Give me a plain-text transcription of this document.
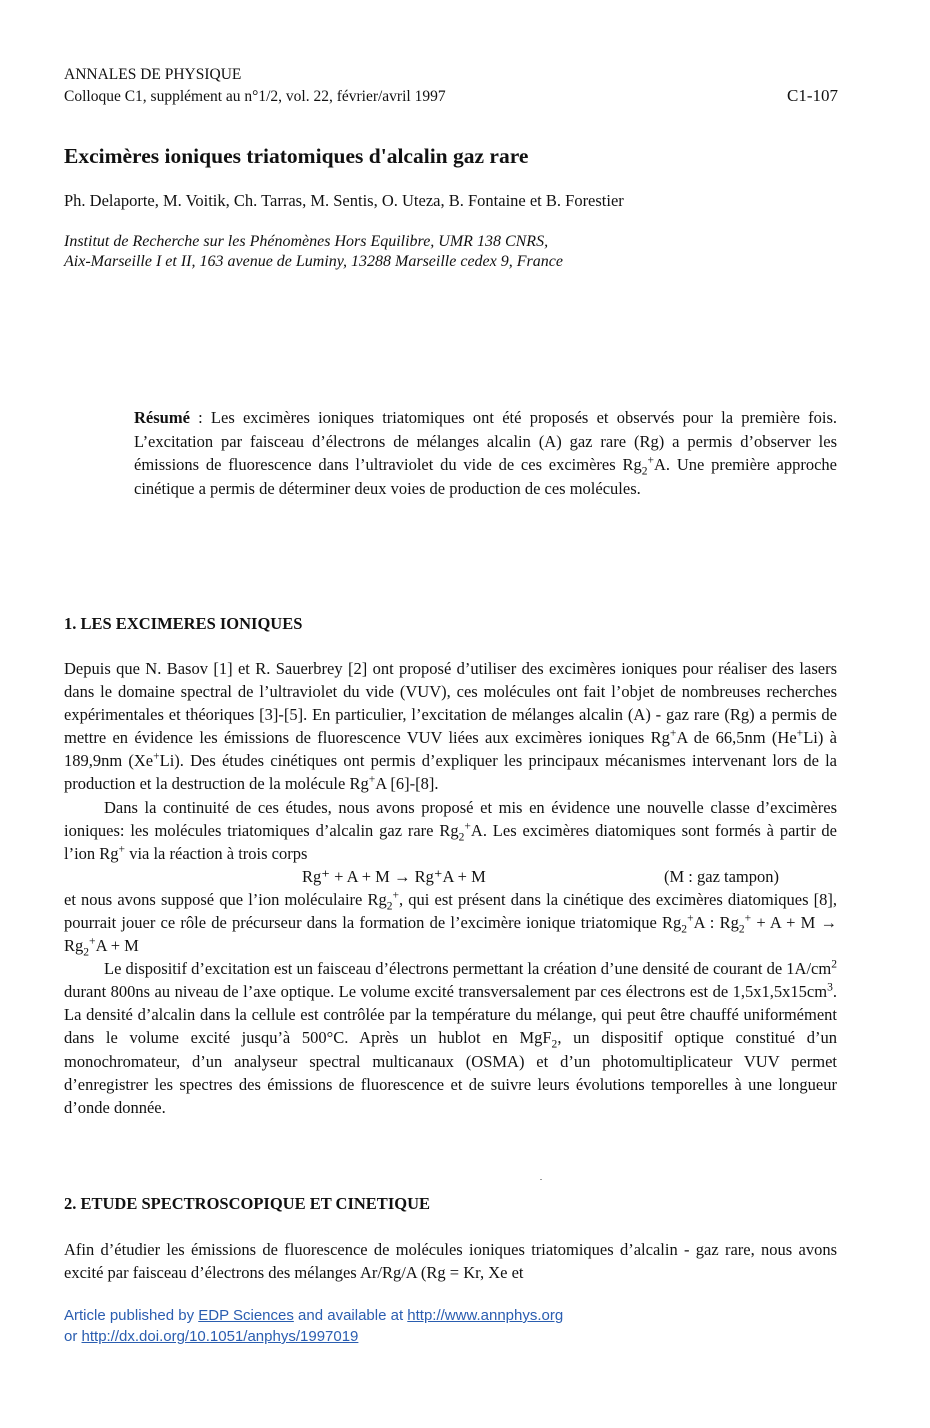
ANNALES DE PHYSIQUE
Colloque C1, supplément au n°1/2, vol. 22, février/avril 1997	C1-107
Excimères ioniques triatomiques d'alcalin gaz rare
Ph. Delaporte, M. Voitik, Ch. Tarras, M. Sentis, O. Uteza, B. Fontaine et B. Forestier
Institut de Recherche sur les Phénomènes Hors Equilibre, UMR 138 CNRS,
Aix-Marseille I et II, 163 avenue de Luminy, 13288 Marseille cedex 9, France
Résumé : Les excimères ioniques triatomiques ont été proposés et observés pour la première fois. L’excitation par faisceau d’électrons de mélanges alcalin (A) gaz rare (Rg) a permis d’observer les émissions de fluorescence dans l’ultraviolet du vide de ces excimères $Rg_2^+A$. Une première approche cinétique a permis de déterminer deux voies de production de ces molécules.
1. LES EXCIMERES IONIQUES

Depuis que N. Basov [1] et R. Sauerbrey [2] ont proposé d’utiliser des excimères ioniques pour réaliser des lasers dans le domaine spectral de l’ultraviolet du vide (VUV), ces molécules ont fait l’objet de nombreuses recherches expérimentales et théoriques [3]-[5]. En particulier, l’excitation de mélanges alcalin (A) - gaz rare (Rg) a permis de mettre en évidence les émissions de fluorescence VUV liées aux excimères ioniques Rg+A de 66,5nm (He+Li) à 189,9nm (Xe+Li). Des études cinétiques ont permis d’expliquer les principaux mécanismes intervenant lors de la production et la destruction de la molécule Rg+A [6]-[8].

Dans la continuité de ces études, nous avons proposé et mis en évidence une nouvelle classe d’excimères ioniques: les molécules triatomiques d’alcalin gaz rare $Rg_2^+A$. Les excimères diatomiques sont formés à partir de l’ion Rg+ via la réaction à trois corps

Rg⁺ + A + M → Rg⁺A + M	(M : gaz tampon)

et nous avons supposé que l’ion moléculaire $Rg_2^+$, qui est présent dans la cinétique des excimères diatomiques [8], pourrait jouer ce rôle de précurseur dans la formation de l’excimère ionique triatomique $Rg_2^+A$ : $Rg_2^+ + A + M \to Rg_2^+A + M$

Le dispositif d’excitation est un faisceau d’électrons permettant la création d’une densité de courant de $1A/cm^2$ durant 800ns au niveau de l’axe optique. Le volume excité transversalement par ces électrons est de $1,5x1,5x15cm^3$. La densité d’alcalin dans la cellule est contrôlée par la température du mélange, qui peut être chauffé uniformément dans le volume excité jusqu’à 500°C. Après un hublot en MgF$_2$, un dispositif optique constitué d’un monochromateur, d’un analyseur spectral multicanaux (OSMA) et d’un photomultiplicateur VUV permet d’enregistrer les spectres des émissions de fluorescence et de suivre leurs évolutions temporelles à une longueur d’onde donnée.

2. ETUDE SPECTROSCOPIQUE ET CINETIQUE

Afin d’étudier les émissions de fluorescence de molécules ioniques triatomiques d’alcalin - gaz rare, nous avons excité par faisceau d’électrons des mélanges Ar/Rg/A (Rg = Kr, Xe et

Article published by EDP Sciences and available at http://www.annphys.org
or http://dx.doi.org/10.1051/anphys/1997019
